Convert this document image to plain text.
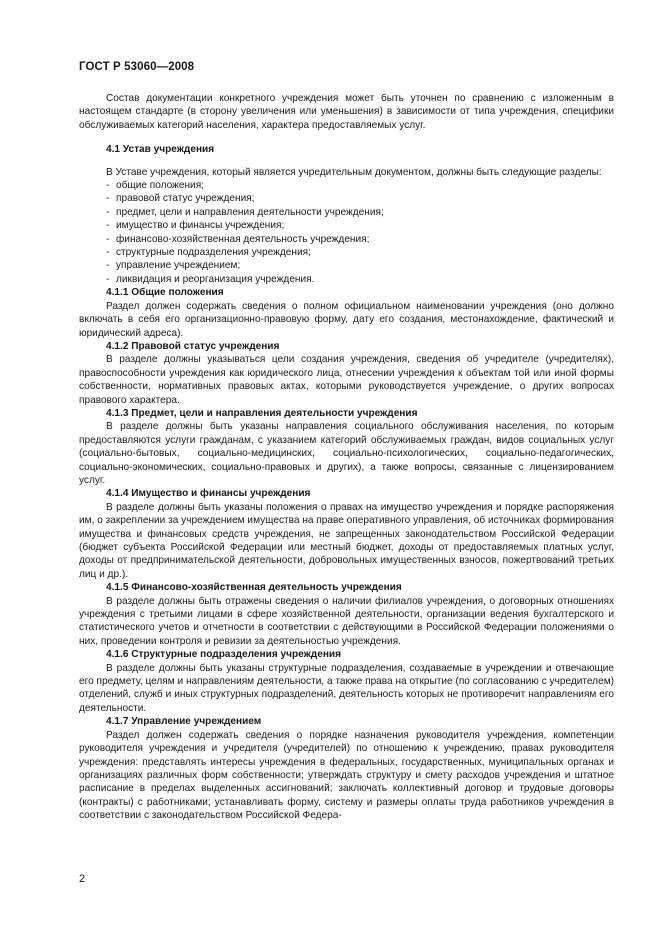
ГОСТ Р 53060—2008

Состав документации конкретного учреждения может быть уточнен по сравнению с изложенным в настоящем стандарте (в сторону увеличения или уменьшения) в зависимости от типа учреждения, специфики обслуживаемых категорий населения, характера предоставляемых услуг.

4.1 Устав учреждения

В Уставе учреждения, который является учредительным документом, должны быть следующие разделы:

- общие положения;

- правовой статус учреждения;

- предмет, цели и направления деятельности учреждения;

- имущество и финансы учреждения;

- финансово-хозяйственная деятельность учреждения;

- структурные подразделения учреждения;

- управление учреждением;

- ликвидация и реорганизация учреждения.

4.1.1 Общие положения

Раздел должен содержать сведения о полном официальном наименовании учреждения (оно должно включать в себя его организационно-правовую форму, дату его создания, местонахождение, фактический и юридический адреса).

4.1.2 Правовой статус учреждения

В разделе должны указываться цели создания учреждения, сведения об учредителе (учредителях), правоспособности учреждения как юридического лица, отнесении учреждения к объектам той или иной формы собственности, нормативных правовых актах, которыми руководствуется учреждение, о других вопросах правового характера.

4.1.3 Предмет, цели и направления деятельности учреждения

В разделе должны быть указаны направления социального обслуживания населения, по которым предоставляются услуги гражданам, с указанием категорий обслуживаемых граждан, видов социальных услуг (социально-бытовых, социально-медицинских, социально-психологических, социально-педагогических, социально-экономических, социально-правовых и других), а также вопросы, связанные с лицензированием услуг.

4.1.4 Имущество и финансы учреждения

В разделе должны быть указаны положения о правах на имущество учреждения и порядке распоряжения им, о закреплении за учреждением имущества на праве оперативного управления, об источниках формирования имущества и финансовых средств учреждения, не запрещенных законодательством Российской Федерации (бюджет субъекта Российской Федерации или местный бюджет, доходы от предоставляемых платных услуг, доходы от предпринимательской деятельности, добровольных имущественных взносов, пожертвований третьих лиц и др.).

4.1.5 Финансово-хозяйственная деятельность учреждения

В разделе должны быть отражены сведения о наличии филиалов учреждения, о договорных отношениях учреждения с третьими лицами в сфере хозяйственной деятельности, организации ведения бухгалтерского и статистического учетов и отчетности в соответствии с действующими в Российской Федерации положениями о них, проведении контроля и ревизии за деятельностью учреждения.

4.1.6 Структурные подразделения учреждения

В разделе должны быть указаны структурные подразделения, создаваемые в учреждении и отвечающие его предмету, целям и направлениям деятельности, а также права на открытие (по согласованию с учредителем) отделений, служб и иных структурных подразделений, деятельность которых не противоречит направлениям его деятельности.

4.1.7 Управление учреждением

Раздел должен содержать сведения о порядке назначения руководителя учреждения, компетенции руководителя учреждения и учредителя (учредителей) по отношению к учреждению, правах руководителя учреждения: представлять интересы учреждения в федеральных, государственных, муниципальных органах и организациях различных форм собственности; утверждать структуру и смету расходов учреждения и штатное расписание в пределах выделенных ассигнований; заключать коллективный договор и трудовые договоры (контракты) с работниками; устанавливать форму, систему и размеры оплаты труда работников учреждения в соответствии с законодательством Российской Федера-

2
